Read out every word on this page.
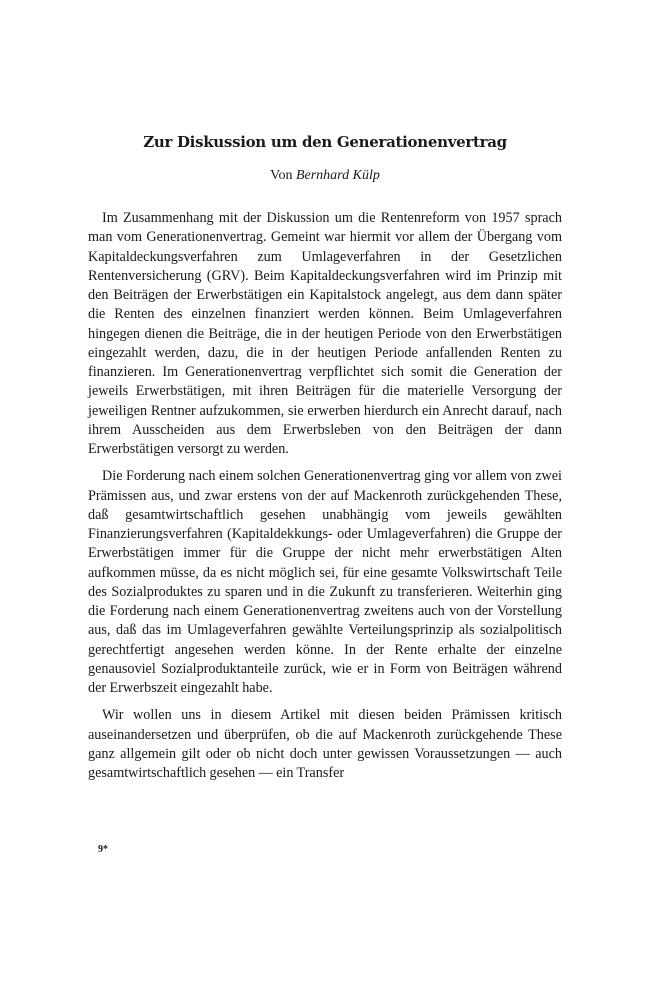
Zur Diskussion um den Generationenvertrag

Von Bernhard Külp

Im Zusammenhang mit der Diskussion um die Rentenreform von 1957 sprach man vom Generationenvertrag. Gemeint war hiermit vor allem der Übergang vom Kapitaldeckungsverfahren zum Umlageverfahren in der Gesetzlichen Rentenversicherung (GRV). Beim Kapitaldeckungsverfahren wird im Prinzip mit den Beiträgen der Erwerbstätigen ein Kapitalstock angelegt, aus dem dann später die Renten des einzelnen finanziert werden können. Beim Umlageverfahren hingegen dienen die Beiträge, die in der heutigen Periode von den Erwerbstätigen eingezahlt werden, dazu, die in der heutigen Periode anfallenden Renten zu finanzieren. Im Generationenvertrag verpflichtet sich somit die Generation der jeweils Erwerbstätigen, mit ihren Beiträgen für die materielle Versorgung der jeweiligen Rentner aufzukommen, sie erwerben hierdurch ein Anrecht darauf, nach ihrem Ausscheiden aus dem Erwerbsleben von den Beiträgen der dann Erwerbstätigen versorgt zu werden.

Die Forderung nach einem solchen Generationenvertrag ging vor allem von zwei Prämissen aus, und zwar erstens von der auf Mackenroth zurückgehenden These, daß gesamtwirtschaftlich gesehen unabhängig vom jeweils gewählten Finanzierungsverfahren (Kapitaldekkungs- oder Umlageverfahren) die Gruppe der Erwerbstätigen immer für die Gruppe der nicht mehr erwerbstätigen Alten aufkommen müsse, da es nicht möglich sei, für eine gesamte Volkswirtschaft Teile des Sozialproduktes zu sparen und in die Zukunft zu transferieren. Weiterhin ging die Forderung nach einem Generationenvertrag zweitens auch von der Vorstellung aus, daß das im Umlageverfahren gewählte Verteilungsprinzip als sozialpolitisch gerechtfertigt angesehen werden könne. In der Rente erhalte der einzelne genausoviel Sozialproduktanteile zurück, wie er in Form von Beiträgen während der Erwerbszeit eingezahlt habe.

Wir wollen uns in diesem Artikel mit diesen beiden Prämissen kritisch auseinandersetzen und überprüfen, ob die auf Mackenroth zurückgehende These ganz allgemein gilt oder ob nicht doch unter gewissen Voraussetzungen — auch gesamtwirtschaftlich gesehen — ein Transfer

9*
